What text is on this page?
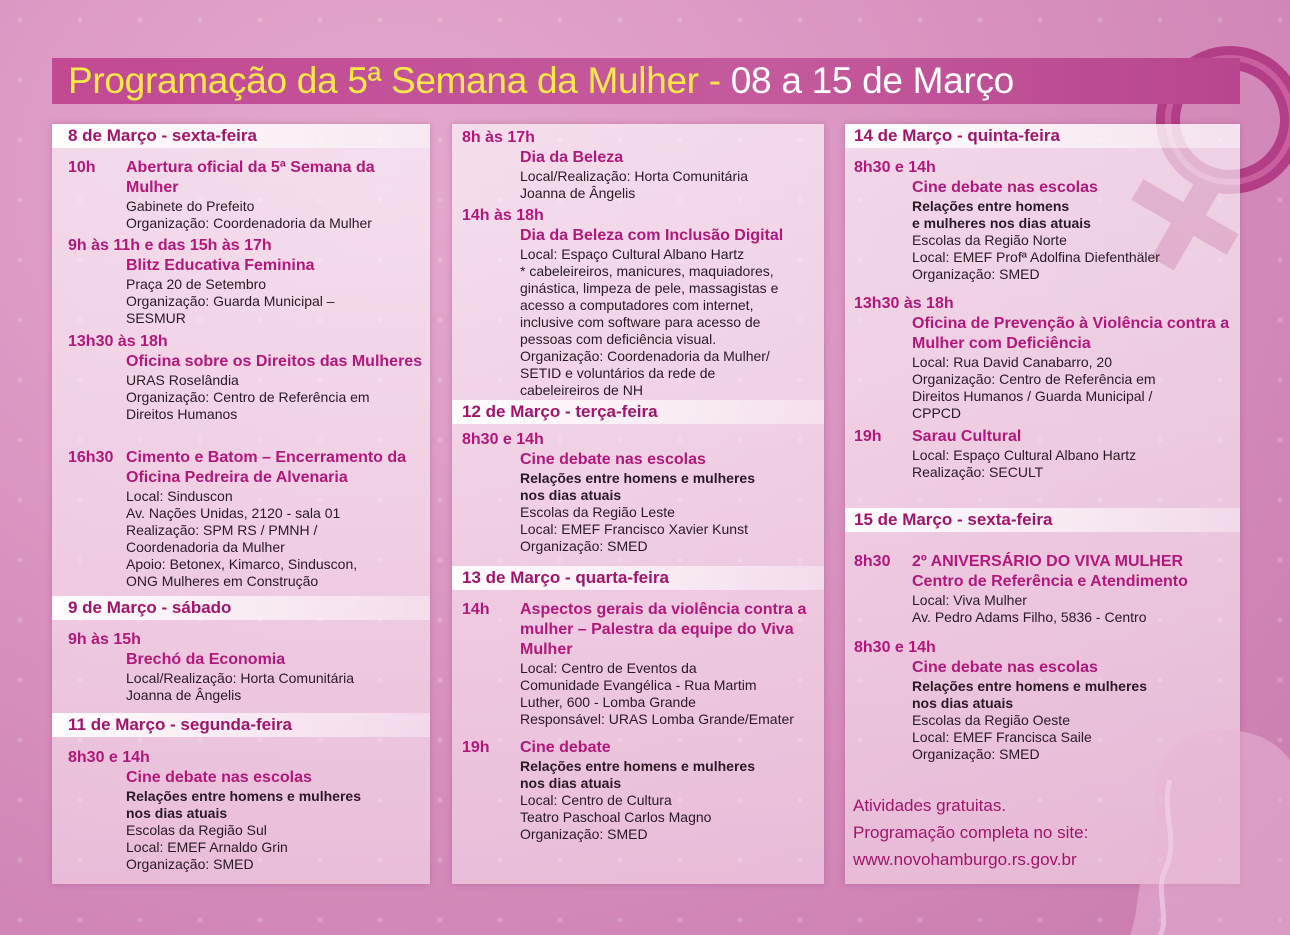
Programação da 5ª Semana da Mulher - 08 a 15 de Março
8 de Março - sexta-feira
10h Abertura oficial da 5ª Semana da Mulher
Gabinete do Prefeito
Organização: Coordenadoria da Mulher
9h às 11h e das 15h às 17h
Blitz Educativa Feminina
Praça 20 de Setembro
Organização: Guarda Municipal –
SESMUR
13h30 às 18h
Oficina sobre os Direitos das Mulheres
URAS Roselândia
Organização: Centro de Referência em
Direitos Humanos
16h30 Cimento e Batom – Encerramento da Oficina Pedreira de Alvenaria
Local: Sinduscon
Av. Nações Unidas, 2120 - sala 01
Realização: SPM RS / PMNH /
Coordenadoria da Mulher
Apoio: Betonex, Kimarco, Sinduscon,
ONG Mulheres em Construção
9 de Março - sábado
9h às 15h
Brechó da Economia
Local/Realização: Horta Comunitária
Joanna de Ângelis
11 de Março - segunda-feira
8h30 e 14h
Cine debate nas escolas
Relações entre homens e mulheres
nos dias atuais
Escolas da Região Sul
Local: EMEF Arnaldo Grin
Organização: SMED
8h às 17h
Dia da Beleza
Local/Realização: Horta Comunitária
Joanna de Ângelis
14h às 18h
Dia da Beleza com Inclusão Digital
Local: Espaço Cultural Albano Hartz
* cabeleireiros, manicures, maquiadores,
ginástica, limpeza de pele, massagistas e
acesso a computadores com internet,
inclusive com software para acesso de
pessoas com deficiência visual.
Organização: Coordenadoria da Mulher/
SETID e voluntários da rede de
cabeleireiros de NH
12 de Março - terça-feira
8h30 e 14h
Cine debate nas escolas
Relações entre homens e mulheres
nos dias atuais
Escolas da Região Leste
Local: EMEF Francisco Xavier Kunst
Organização: SMED
13 de Março - quarta-feira
14h Aspectos gerais da violência contra a mulher – Palestra da equipe do Viva Mulher
Local: Centro de Eventos da
Comunidade Evangélica - Rua Martim
Luther, 600 - Lomba Grande
Responsável: URAS Lomba Grande/Emater
19h Cine debate
Relações entre homens e mulheres
nos dias atuais
Local: Centro de Cultura
Teatro Paschoal Carlos Magno
Organização: SMED
14 de Março - quinta-feira
8h30 e 14h
Cine debate nas escolas
Relações entre homens
e mulheres nos dias atuais
Escolas da Região Norte
Local: EMEF Profª Adolfina Diefenthäler
Organização: SMED
13h30 às 18h
Oficina de Prevenção à Violência contra a Mulher com Deficiência
Local: Rua David Canabarro, 20
Organização: Centro de Referência em
Direitos Humanos / Guarda Municipal /
CPPCD
19h Sarau Cultural
Local: Espaço Cultural Albano Hartz
Realização: SECULT
15 de Março - sexta-feira
8h30 2º ANIVERSÁRIO DO VIVA MULHER Centro de Referência e Atendimento
Local: Viva Mulher
Av. Pedro Adams Filho, 5836 - Centro
8h30 e 14h
Cine debate nas escolas
Relações entre homens e mulheres
nos dias atuais
Escolas da Região Oeste
Local: EMEF Francisca Saile
Organização: SMED
Atividades gratuitas.
Programação completa no site:
www.novohamburgo.rs.gov.br
